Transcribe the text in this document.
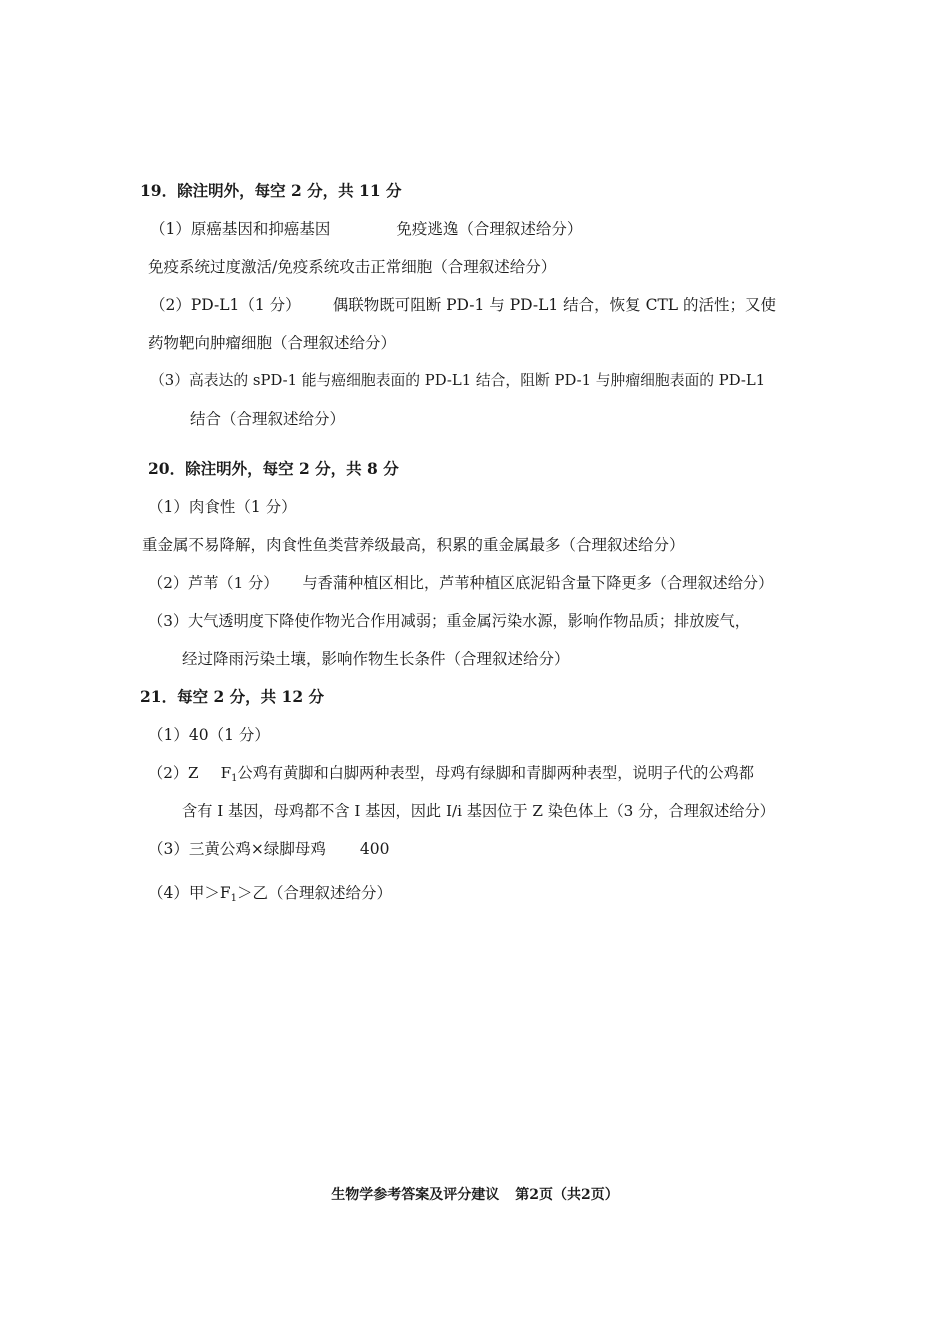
19．除注明外，每空 2 分，共 11 分
（1）原癌基因和抑癌基因	免疫逃逸（合理叙述给分）
免疫系统过度激活/免疫系统攻击正常细胞（合理叙述给分）
（2）PD-L1（1 分） 偶联物既可阻断 PD-1 与 PD-L1 结合，恢复 CTL 的活性；又使
药物靶向肿瘤细胞（合理叙述给分）
（3）高表达的 sPD-1 能与癌细胞表面的 PD-L1 结合，阻断 PD-1 与肿瘤细胞表面的 PD-L1
结合（合理叙述给分）
20．除注明外，每空 2 分，共 8 分
（1）肉食性（1 分）
重金属不易降解，肉食性鱼类营养级最高，积累的重金属最多（合理叙述给分）
（2）芦苇（1 分） 与香蒲种植区相比，芦苇种植区底泥铅含量下降更多（合理叙述给分）
（3）大气透明度下降使作物光合作用减弱；重金属污染水源，影响作物品质；排放废气，
经过降雨污染土壤，影响作物生长条件（合理叙述给分）
21．每空 2 分，共 12 分
（1）40（1 分）
（2）Z $F_1$公鸡有黄脚和白脚两种表型，母鸡有绿脚和青脚两种表型，说明子代的公鸡都
含有 I 基因，母鸡都不含 I 基因，因此 I/i 基因位于 Z 染色体上（3 分，合理叙述给分）
（3）三黄公鸡×绿脚母鸡 400
（4）甲$>F_1>$乙（合理叙述给分）
生物学参考答案及评分建议 第2页（共2页）
